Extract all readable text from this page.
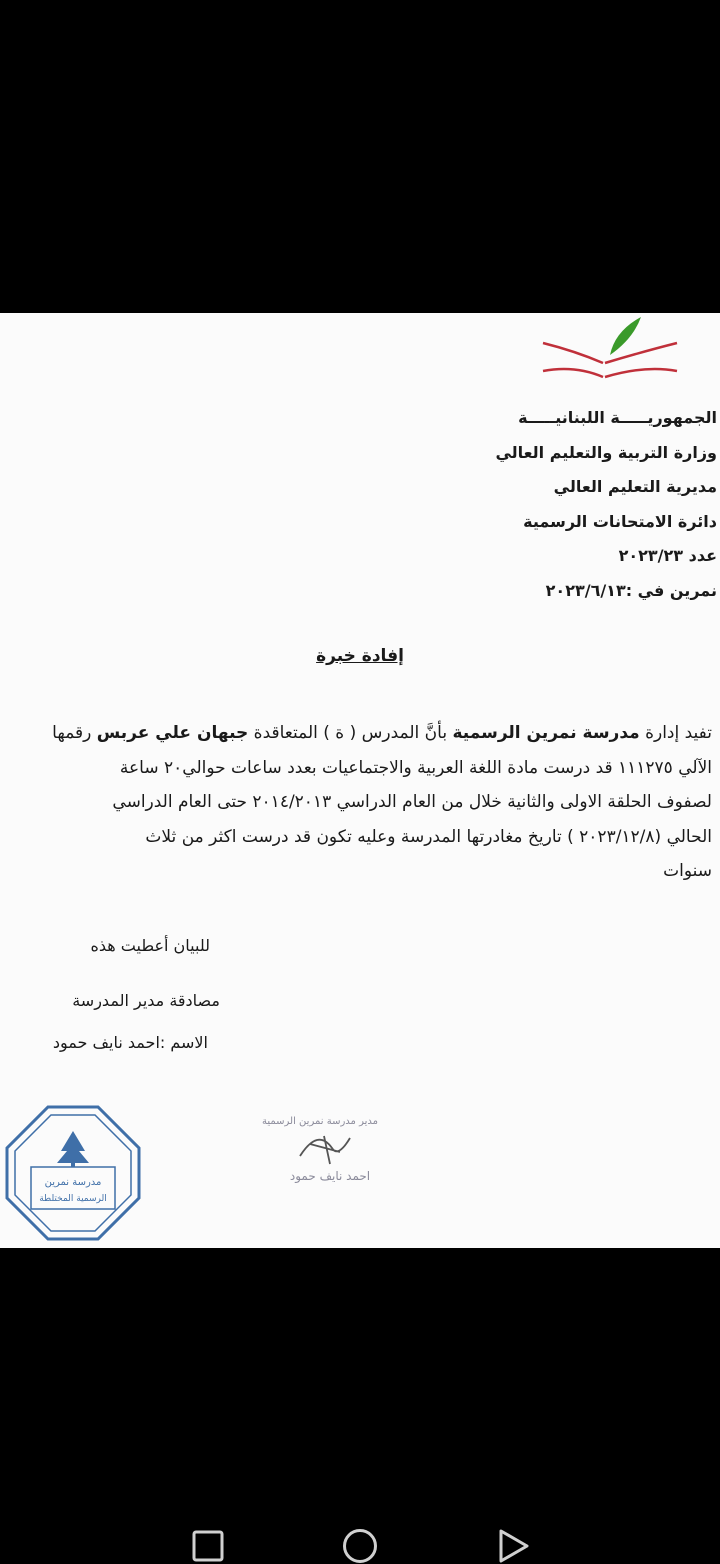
الجمهوريـــــة اللبنانيـــــة
وزارة التربية والتعليم العالي
مديرية التعليم العالي
دائرة الامتحانات الرسمية
عدد ٢٠٢٣/٢٣
نمرين في :٢٠٢٣/٦/١٣
إفادة خبرة

تفيد إدارة مدرسة نمرين الرسمية بأنَّ المدرس ( ة ) المتعاقدة جبهان علي عربس رقمها

الآلي ١١١٢٧٥ قد درست مادة اللغة العربية والاجتماعيات بعدد ساعات حوالي٢٠ ساعة

لصفوف الحلقة الاولى والثانية خلال من العام الدراسي ٢٠١٤/٢٠١٣ حتى العام الدراسي

الحالي (٢٠٢٣/١٢/٨ ) تاريخ مغادرتها المدرسة وعليه تكون قد درست اكثر من ثلاث

سنوات

للبيان أعطيت هذه
مصادقة مدير المدرسة
الاسم :احمد نايف حمود
مدرسة نمرين
الرسمية المختلطة
مدير مدرسة نمرين الرسمية
احمد نايف حمود
